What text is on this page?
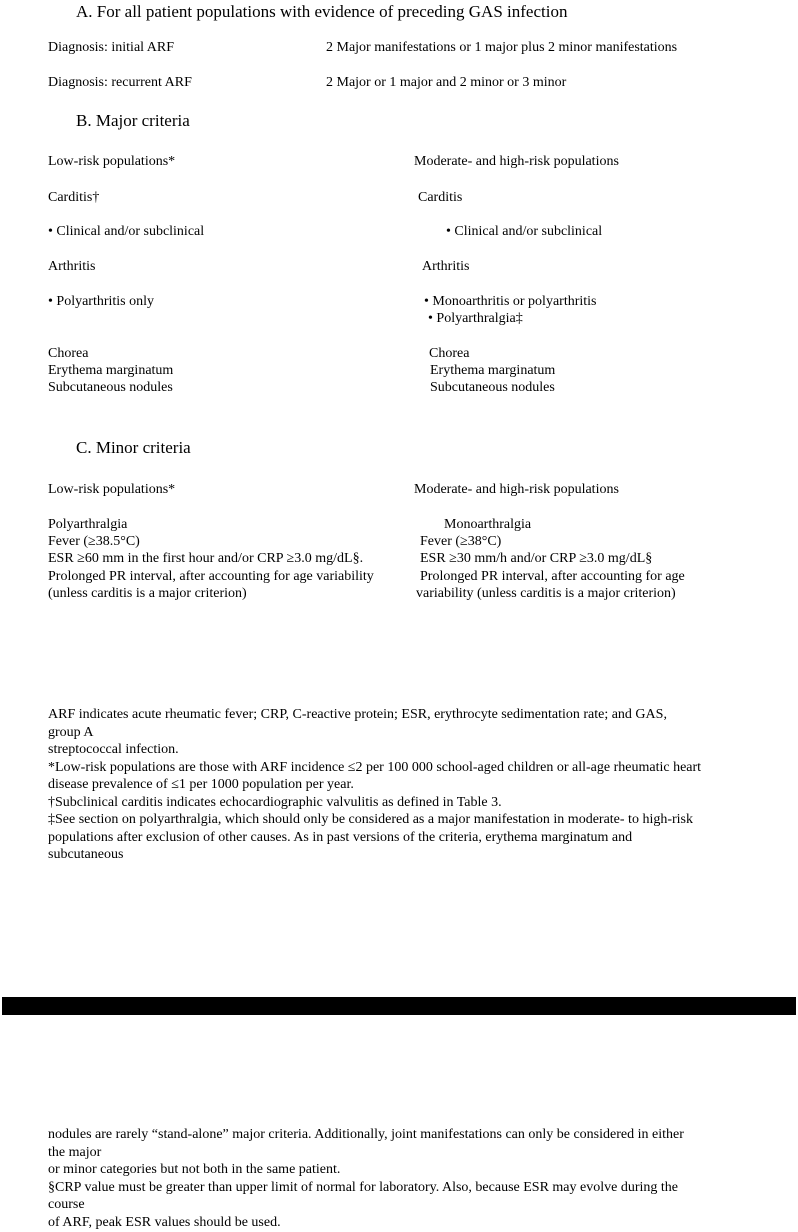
A. For all patient populations with evidence of preceding GAS infection
Diagnosis: initial ARF	2 Major manifestations or 1 major plus 2 minor manifestations
Diagnosis: recurrent ARF	2 Major or 1 major and 2 minor or 3 minor
B. Major criteria
Low-risk populations*
Carditis†
• Clinical and/or subclinical
Arthritis
• Polyarthritis only
Chorea
Erythema marginatum
Subcutaneous nodules
Moderate- and high-risk populations
Carditis
• Clinical and/or subclinical
Arthritis
• Monoarthritis or polyarthritis
• Polyarthralgia‡
Chorea
Erythema marginatum
Subcutaneous nodules
C. Minor criteria
Low-risk populations*
Polyarthralgia
Fever (≥38.5°C)
ESR ≥60 mm in the first hour and/or CRP ≥3.0 mg/dL§.
Prolonged PR interval, after accounting for age variability
(unless carditis is a major criterion)
Moderate- and high-risk populations
Monoarthralgia
Fever (≥38°C)
ESR ≥30 mm/h and/or CRP ≥3.0 mg/dL§
Prolonged PR interval, after accounting for age
variability (unless carditis is a major criterion)
ARF indicates acute rheumatic fever; CRP, C-reactive protein; ESR, erythrocyte sedimentation rate; and GAS,
group A
streptococcal infection.
*Low-risk populations are those with ARF incidence ≤2 per 100 000 school-aged children or all-age rheumatic heart
disease prevalence of ≤1 per 1000 population per year.
†Subclinical carditis indicates echocardiographic valvulitis as defined in Table 3.
‡See section on polyarthralgia, which should only be considered as a major manifestation in moderate- to high-risk
populations after exclusion of other causes. As in past versions of the criteria, erythema marginatum and
subcutaneous
nodules are rarely “stand-alone” major criteria. Additionally, joint manifestations can only be considered in either
the major
or minor categories but not both in the same patient.
§CRP value must be greater than upper limit of normal for laboratory. Also, because ESR may evolve during the
course
of ARF, peak ESR values should be used.
